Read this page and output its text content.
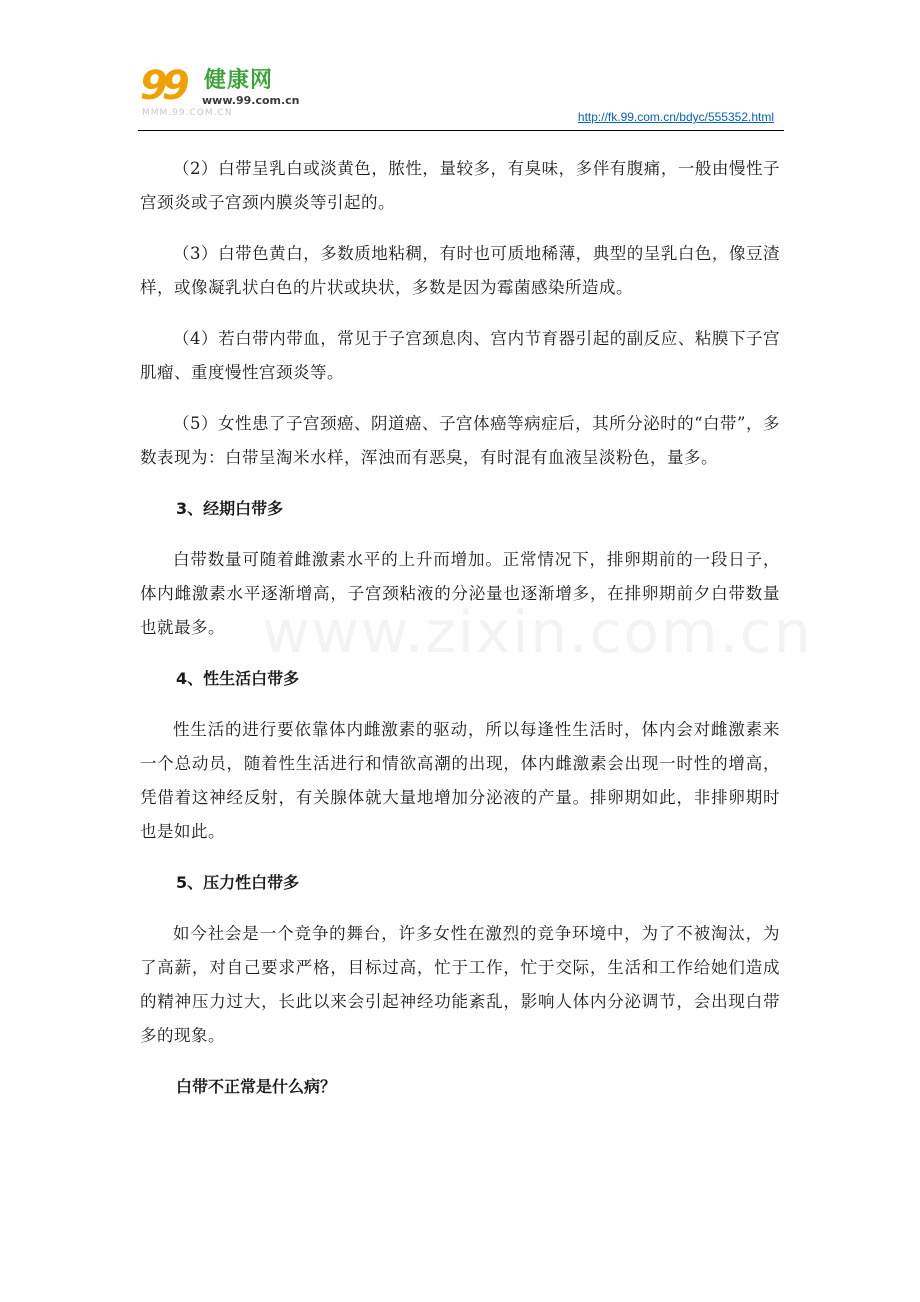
99 健康网
www.99.com.cn
MMM.99.COM.CN	http://fk.99.com.cn/bdyc/555352.html
www.zixin.com.cn

（2）白带呈乳白或淡黄色，脓性，量较多，有臭味，多伴有腹痛，一般由慢性子宫颈炎或子宫颈内膜炎等引起的。

（3）白带色黄白，多数质地粘稠，有时也可质地稀薄，典型的呈乳白色，像豆渣样，或像凝乳状白色的片状或块状，多数是因为霉菌感染所造成。

（4）若白带内带血，常见于子宫颈息肉、宫内节育器引起的副反应、粘膜下子宫肌瘤、重度慢性宫颈炎等。

（5）女性患了子宫颈癌、阴道癌、子宫体癌等病症后，其所分泌时的“白带”，多数表现为：白带呈淘米水样，浑浊而有恶臭，有时混有血液呈淡粉色，量多。

3、经期白带多

白带数量可随着雌激素水平的上升而增加。正常情况下，排卵期前的一段日子，体内雌激素水平逐渐增高，子宫颈粘液的分泌量也逐渐增多，在排卵期前夕白带数量也就最多。

4、性生活白带多

性生活的进行要依靠体内雌激素的驱动，所以每逢性生活时，体内会对雌激素来一个总动员，随着性生活进行和情欲高潮的出现，体内雌激素会出现一时性的增高，凭借着这神经反射，有关腺体就大量地增加分泌液的产量。排卵期如此，非排卵期时也是如此。

5、压力性白带多

如今社会是一个竞争的舞台，许多女性在激烈的竞争环境中，为了不被淘汰，为了高薪，对自己要求严格，目标过高，忙于工作，忙于交际，生活和工作给她们造成的精神压力过大，长此以来会引起神经功能紊乱，影响人体内分泌调节，会出现白带多的现象。

白带不正常是什么病？
